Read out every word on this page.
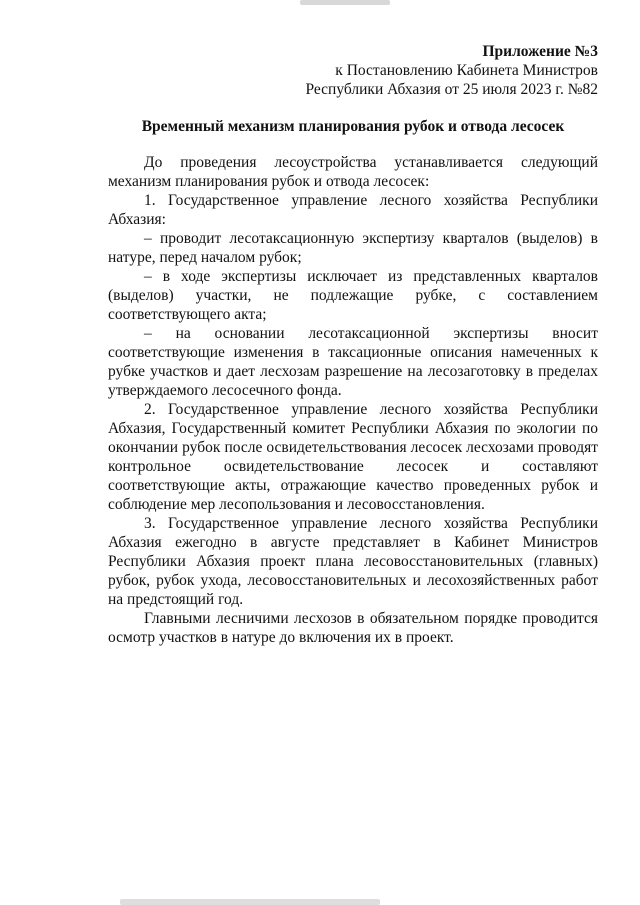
Приложение №3
к Постановлению Кабинета Министров
Республики Абхазия от 25 июля 2023 г. №82
Временный механизм планирования рубок и отвода лесосек

До проведения лесоустройства устанавливается следующий механизм планирования рубок и отвода лесосек:

1. Государственное управление лесного хозяйства Республики Абхазия:

– проводит лесотаксационную экспертизу кварталов (выделов) в натуре, перед началом рубок;

– в ходе экспертизы исключает из представленных кварталов (выделов) участки, не подлежащие рубке, с составлением соответствующего акта;

– на основании лесотаксационной экспертизы вносит соответствующие изменения в таксационные описания намеченных к рубке участков и дает лесхозам разрешение на лесозаготовку в пределах утверждаемого лесосечного фонда.

2. Государственное управление лесного хозяйства Республики Абхазия, Государственный комитет Республики Абхазия по экологии по окончании рубок после освидетельствования лесосек лесхозами проводят контрольное освидетельствование лесосек и составляют соответствующие акты, отражающие качество проведенных рубок и соблюдение мер лесопользования и лесовосстановления.

3. Государственное управление лесного хозяйства Республики Абхазия ежегодно в августе представляет в Кабинет Министров Республики Абхазия проект плана лесовосстановительных (главных) рубок, рубок ухода, лесовосстановительных и лесохозяйственных работ на предстоящий год.

Главными лесничими лесхозов в обязательном порядке проводится осмотр участков в натуре до включения их в проект.
